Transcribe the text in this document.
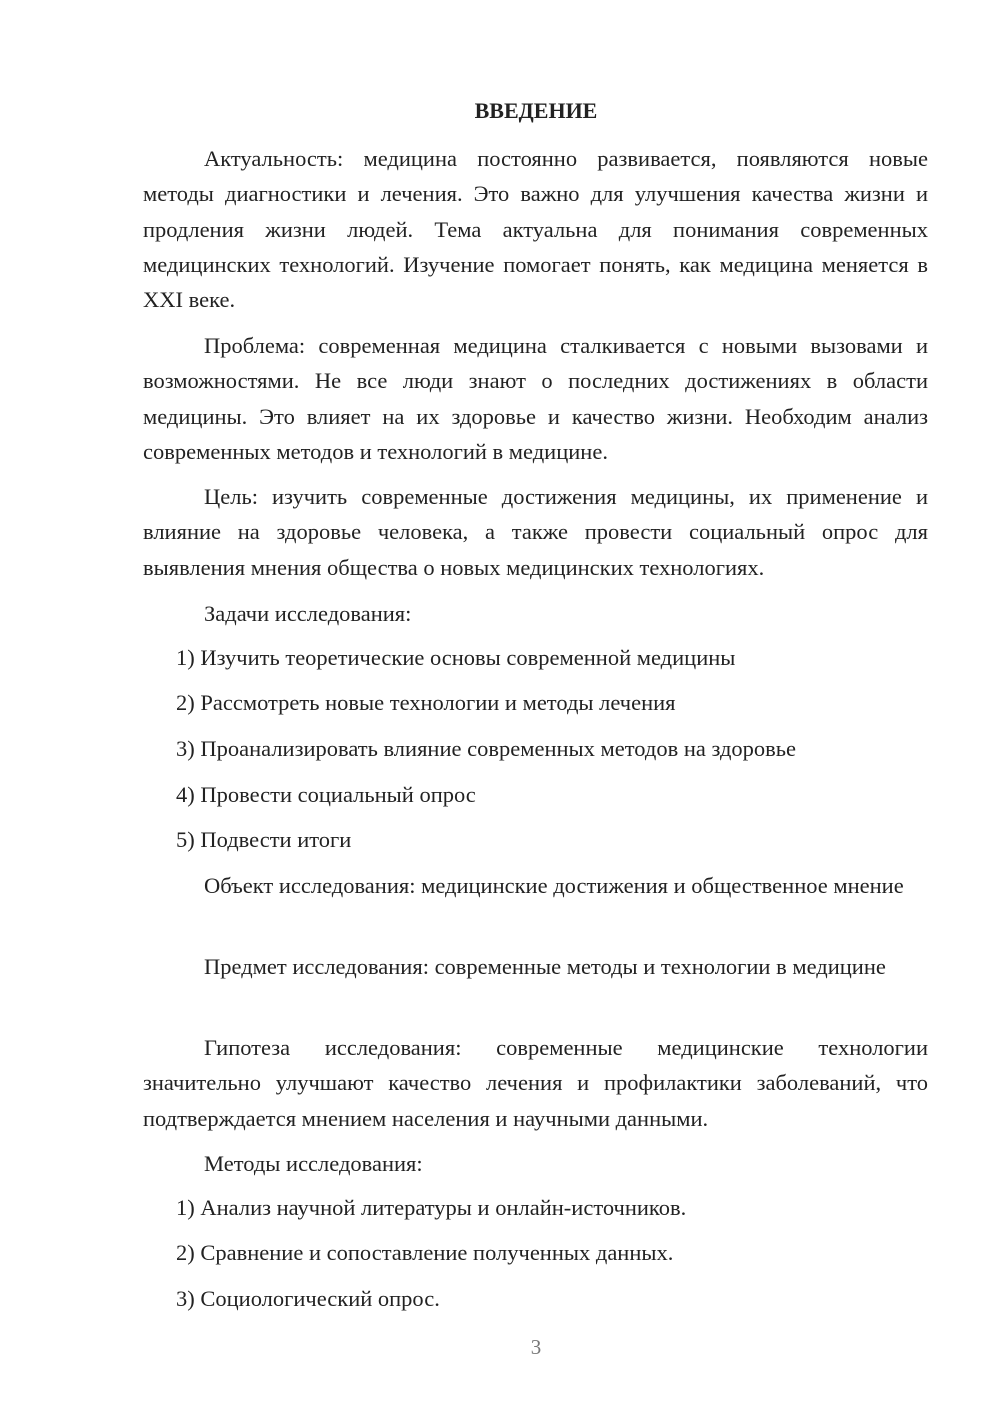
ВВЕДЕНИЕ

Актуальность: медицина постоянно развивается, появляются новые методы диагностики и лечения. Это важно для улучшения качества жизни и продления жизни людей. Тема актуальна для понимания современных медицинских технологий. Изучение помогает понять, как медицина меняется в XXI веке.

Проблема: современная медицина сталкивается с новыми вызовами и возможностями. Не все люди знают о последних достижениях в области медицины. Это влияет на их здоровье и качество жизни. Необходим анализ современных методов и технологий в медицине.

Цель: изучить современные достижения медицины, их применение и влияние на здоровье человека, а также провести социальный опрос для выявления мнения общества о новых медицинских технологиях.

Задачи исследования:

1) Изучить теоретические основы современной медицины

2) Рассмотреть новые технологии и методы лечения

3) Проанализировать влияние современных методов на здоровье

4) Провести социальный опрос

5) Подвести итоги

Объект исследования: медицинские достижения и общественное мнение

Предмет исследования: современные методы и технологии в медицине

Гипотеза исследования: современные медицинские технологии значительно улучшают качество лечения и профилактики заболеваний, что подтверждается мнением населения и научными данными.

Методы исследования:

1) Анализ научной литературы и онлайн-источников.

2) Сравнение и сопоставление полученных данных.

3) Социологический опрос.

3
